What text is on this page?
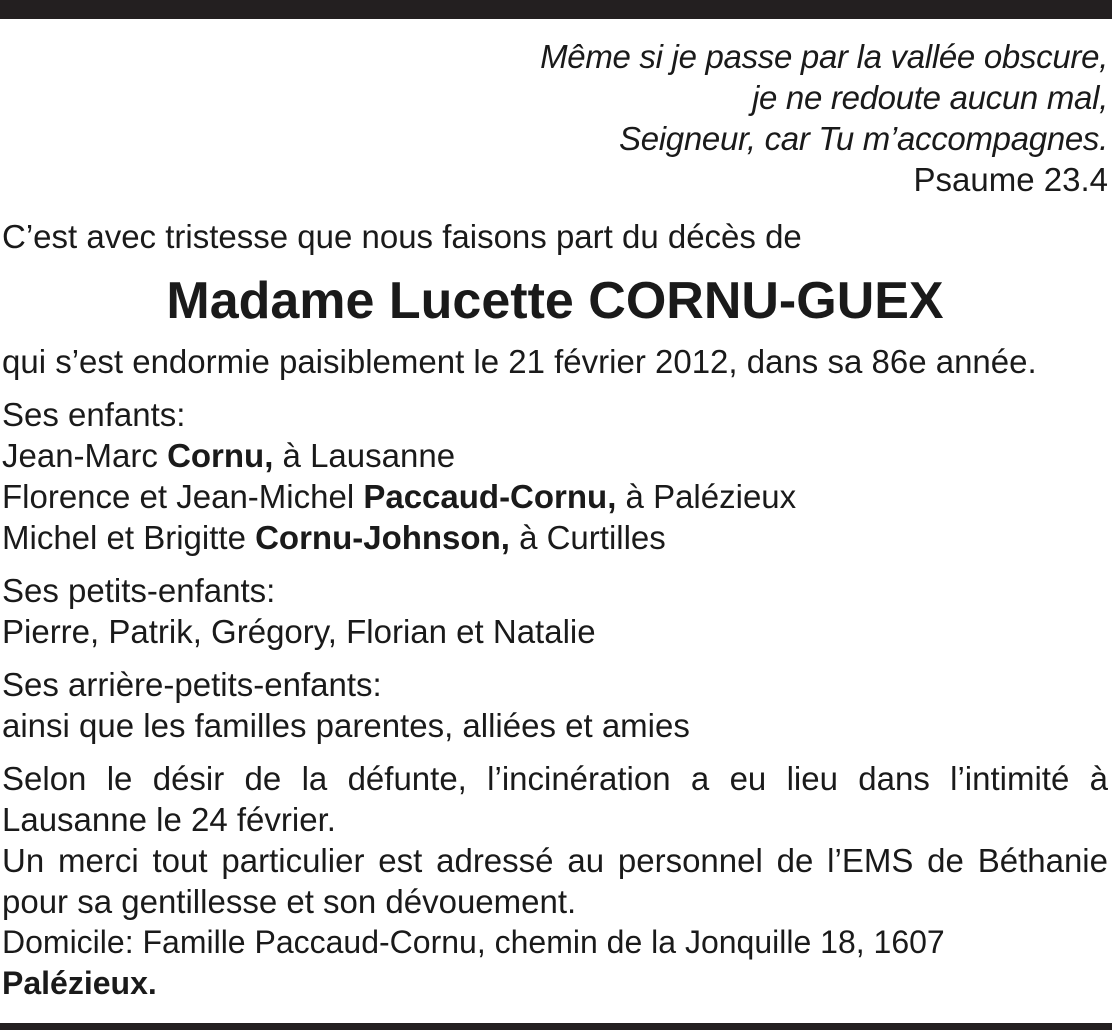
Même si je passe par la vallée obscure,
je ne redoute aucun mal,
Seigneur, car Tu m’accompagnes.
Psaume 23.4
C’est avec tristesse que nous faisons part du décès de
Madame Lucette CORNU-GUEX
qui s’est endormie paisiblement le 21 février 2012, dans sa 86e année.
Ses enfants:
Jean-Marc Cornu, à Lausanne
Florence et Jean-Michel Paccaud-Cornu, à Palézieux
Michel et Brigitte Cornu-Johnson, à Curtilles
Ses petits-enfants:
Pierre, Patrik, Grégory, Florian et Natalie
Ses arrière-petits-enfants:
ainsi que les familles parentes, alliées et amies
Selon le désir de la défunte, l’incinération a eu lieu dans l’intimité à Lausanne le 24 février.
Un merci tout particulier est adressé au personnel de l’EMS de Béthanie pour sa gentillesse et son dévouement.
Domicile: Famille Paccaud-Cornu, chemin de la Jonquille 18, 1607 Palézieux.
